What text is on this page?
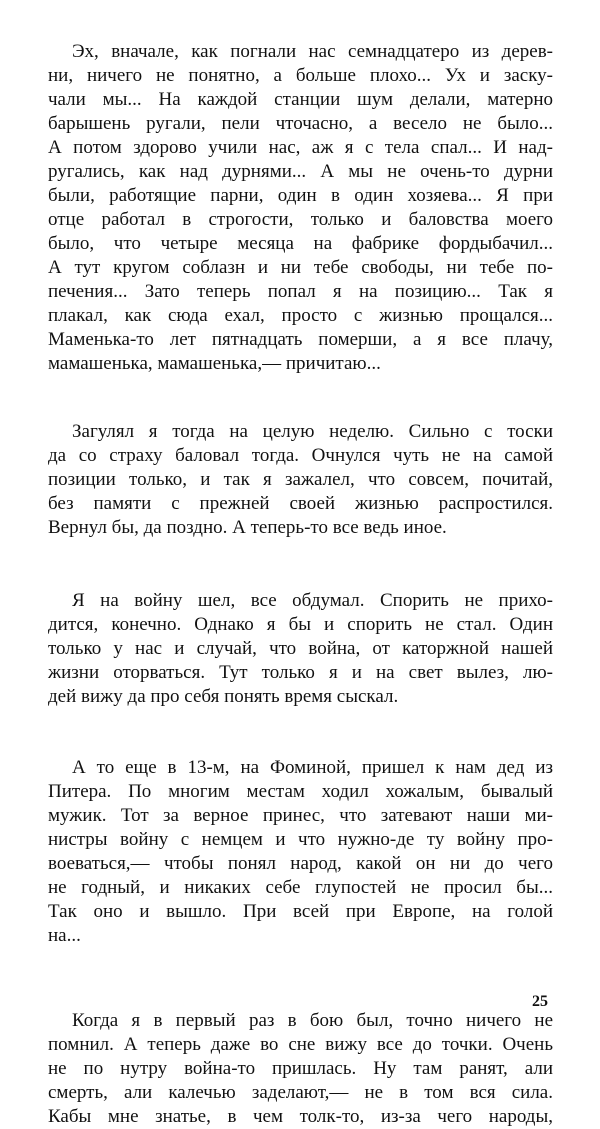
Эх, вначале, как погнали нас семнадцатеро из дерев-
ни, ничего не понятно, а больше плохо... Ух и заску-
чали мы... На каждой станции шум делали, матерно
барышень ругали, пели чточасно, а весело не было...
А потом здорово учили нас, аж я с тела спал... И над-
ругались, как над дурнями... А мы не очень-то дурни
были, работящие парни, один в один хозяева... Я при
отце работал в строгости, только и баловства моего
было, что четыре месяца на фабрике фордыбачил...
А тут кругом соблазн и ни тебе свободы, ни тебе по-
печения... Зато теперь попал я на позицию... Так я
плакал, как сюда ехал, просто с жизнью прощался...
Маменька-то лет пятнадцать померши, а я все плачу,
мамашенька, мамашенька,— причитаю...
Загулял я тогда на целую неделю. Сильно с тоски
да со страху баловал тогда. Очнулся чуть не на самой
позиции только, и так я зажалел, что совсем, почитай,
без памяти с прежней своей жизнью распростился.
Вернул бы, да поздно. А теперь-то все ведь иное.
Я на войну шел, все обдумал. Спорить не прихо-
дится, конечно. Однако я бы и спорить не стал. Один
только у нас и случай, что война, от каторжной нашей
жизни оторваться. Тут только я и на свет вылез, лю-
дей вижу да про себя понять время сыскал.
А то еще в 13-м, на Фоминой, пришел к нам дед из
Питера. По многим местам ходил хожалым, бывалый
мужик. Тот за верное принес, что затевают наши ми-
нистры войну с немцем и что нужно-де ту войну про-
воеваться,— чтобы понял народ, какой он ни до чего
не годный, и никаких себе глупостей не просил бы...
Так оно и вышло. При всей при Европе, на голой
на...
Когда я в первый раз в бою был, точно ничего не
помнил. А теперь даже во сне вижу все до точки. Очень
не по нутру война-то пришлась. Ну там ранят, али
смерть, али калечью заделают,— не в том вся сила.
Кабы мне знатье, в чем толк-то, из-за чего народы,
25
